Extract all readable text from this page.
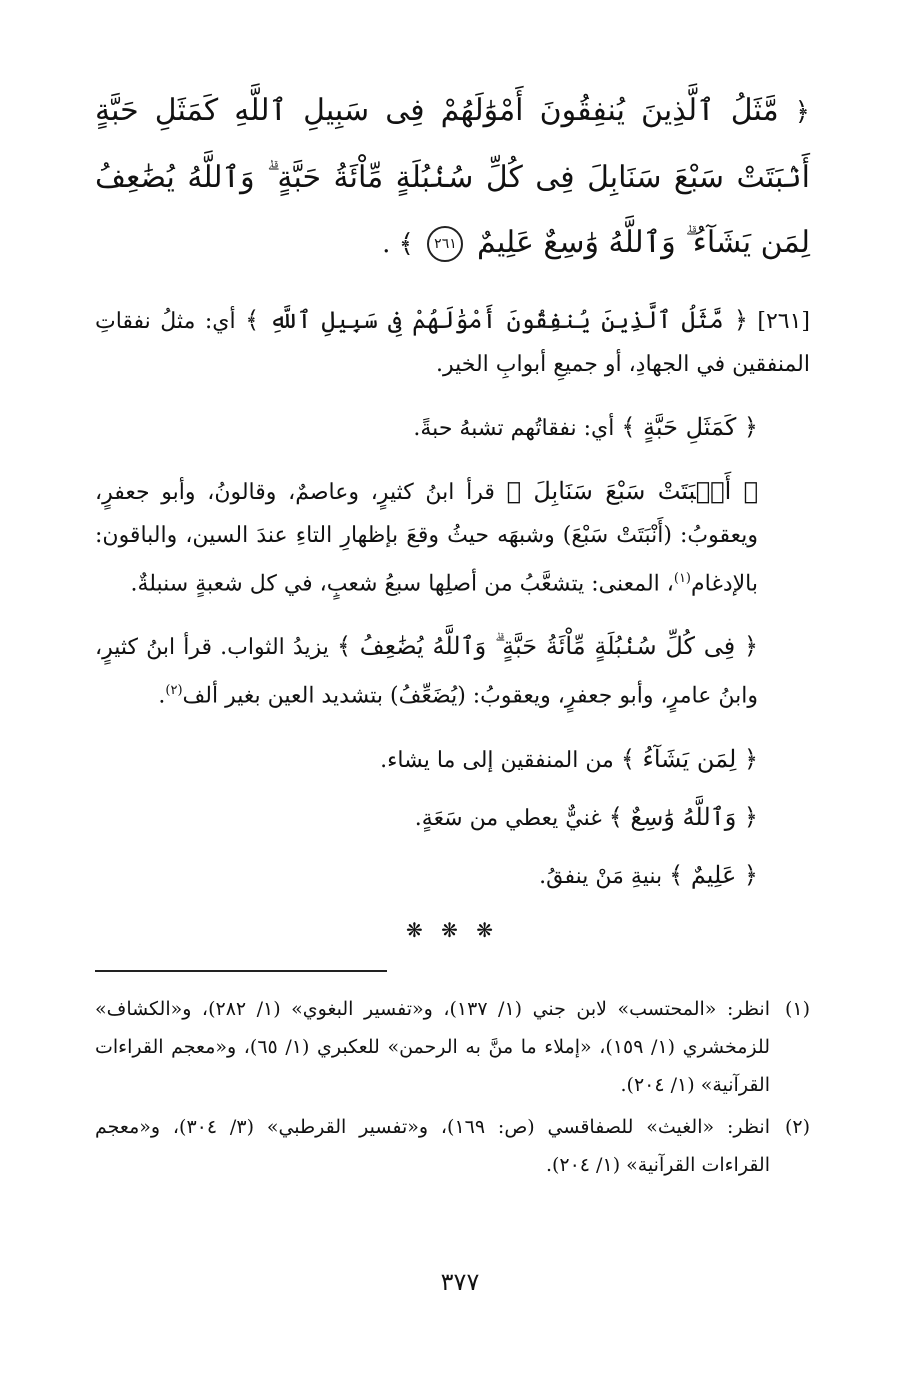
﴿ مَّثَلُ ٱلَّذِينَ يُنفِقُونَ أَمْوَٰلَهُمْ فِى سَبِيلِ ٱللَّهِ كَمَثَلِ حَبَّةٍ أَنۢبَتَتْ سَبْعَ سَنَابِلَ فِى كُلِّ سُنۢبُلَةٍ مِّاْئَةُ حَبَّةٍ ۗ وَٱللَّهُ يُضَٰعِفُ لِمَن يَشَآءُ ۗ وَٱللَّهُ وَٰسِعٌ عَلِيمٌ ٢٦١ ﴾ .

[٢٦١] ﴿ مَّثَلُ ٱلَّذِينَ يُنفِقُونَ أَمْوَٰلَهُمْ فِى سَبِيلِ ٱللَّهِ ﴾ أي: مثلُ نفقاتِ المنفقين في الجهادِ، أو جميعِ أبوابِ الخير.

﴿ كَمَثَلِ حَبَّةٍ ﴾ أي: نفقاتُهم تشبهُ حبةً.

﴿ أَنۢبَتَتْ سَبْعَ سَنَابِلَ ﴾ قرأ ابنُ كثيرٍ، وعاصمٌ، وقالونُ، وأبو جعفرٍ، ويعقوبُ: (أَنْبَتَتْ سَبْعَ) وشبهَه حيثُ وقعَ بإظهارِ التاءِ عندَ السين، والباقون: بالإدغام$^{(١)}$، المعنى: يتشعَّبُ من أصلِها سبعُ شعبٍ، في كل شعبةٍ سنبلةٌ.

﴿ فِى كُلِّ سُنۢبُلَةٍ مِّاْئَةُ حَبَّةٍ ۗ وَٱللَّهُ يُضَٰعِفُ ﴾ يزيدُ الثواب. قرأ ابنُ كثيرٍ، وابنُ عامرٍ، وأبو جعفرٍ، ويعقوبُ: (يُضَعِّفُ) بتشديد العين بغير ألف$^{(٢)}$.

﴿ لِمَن يَشَآءُ ﴾ من المنفقين إلى ما يشاء.

﴿ وَٱللَّهُ وَٰسِعٌ ﴾ غنيٌّ يعطي من سَعَةٍ.

﴿ عَلِيمٌ ﴾ بنيةِ مَنْ ينفقُ.

❋ ❋ ❋
(١)
انظر: «المحتسب» لابن جني (١/ ١٣٧)، و«تفسير البغوي» (١/ ٢٨٢)، و«الكشاف» للزمخشري (١/ ١٥٩)، «إملاء ما منَّ به الرحمن» للعكبري (١/ ٦٥)، و«معجم القراءات القرآنية» (١/ ٢٠٤).
(٢)
انظر: «الغيث» للصفاقسي (ص: ١٦٩)، و«تفسير القرطبي» (٣/ ٣٠٤)، و«معجم القراءات القرآنية» (١/ ٢٠٤).
٣٧٧
